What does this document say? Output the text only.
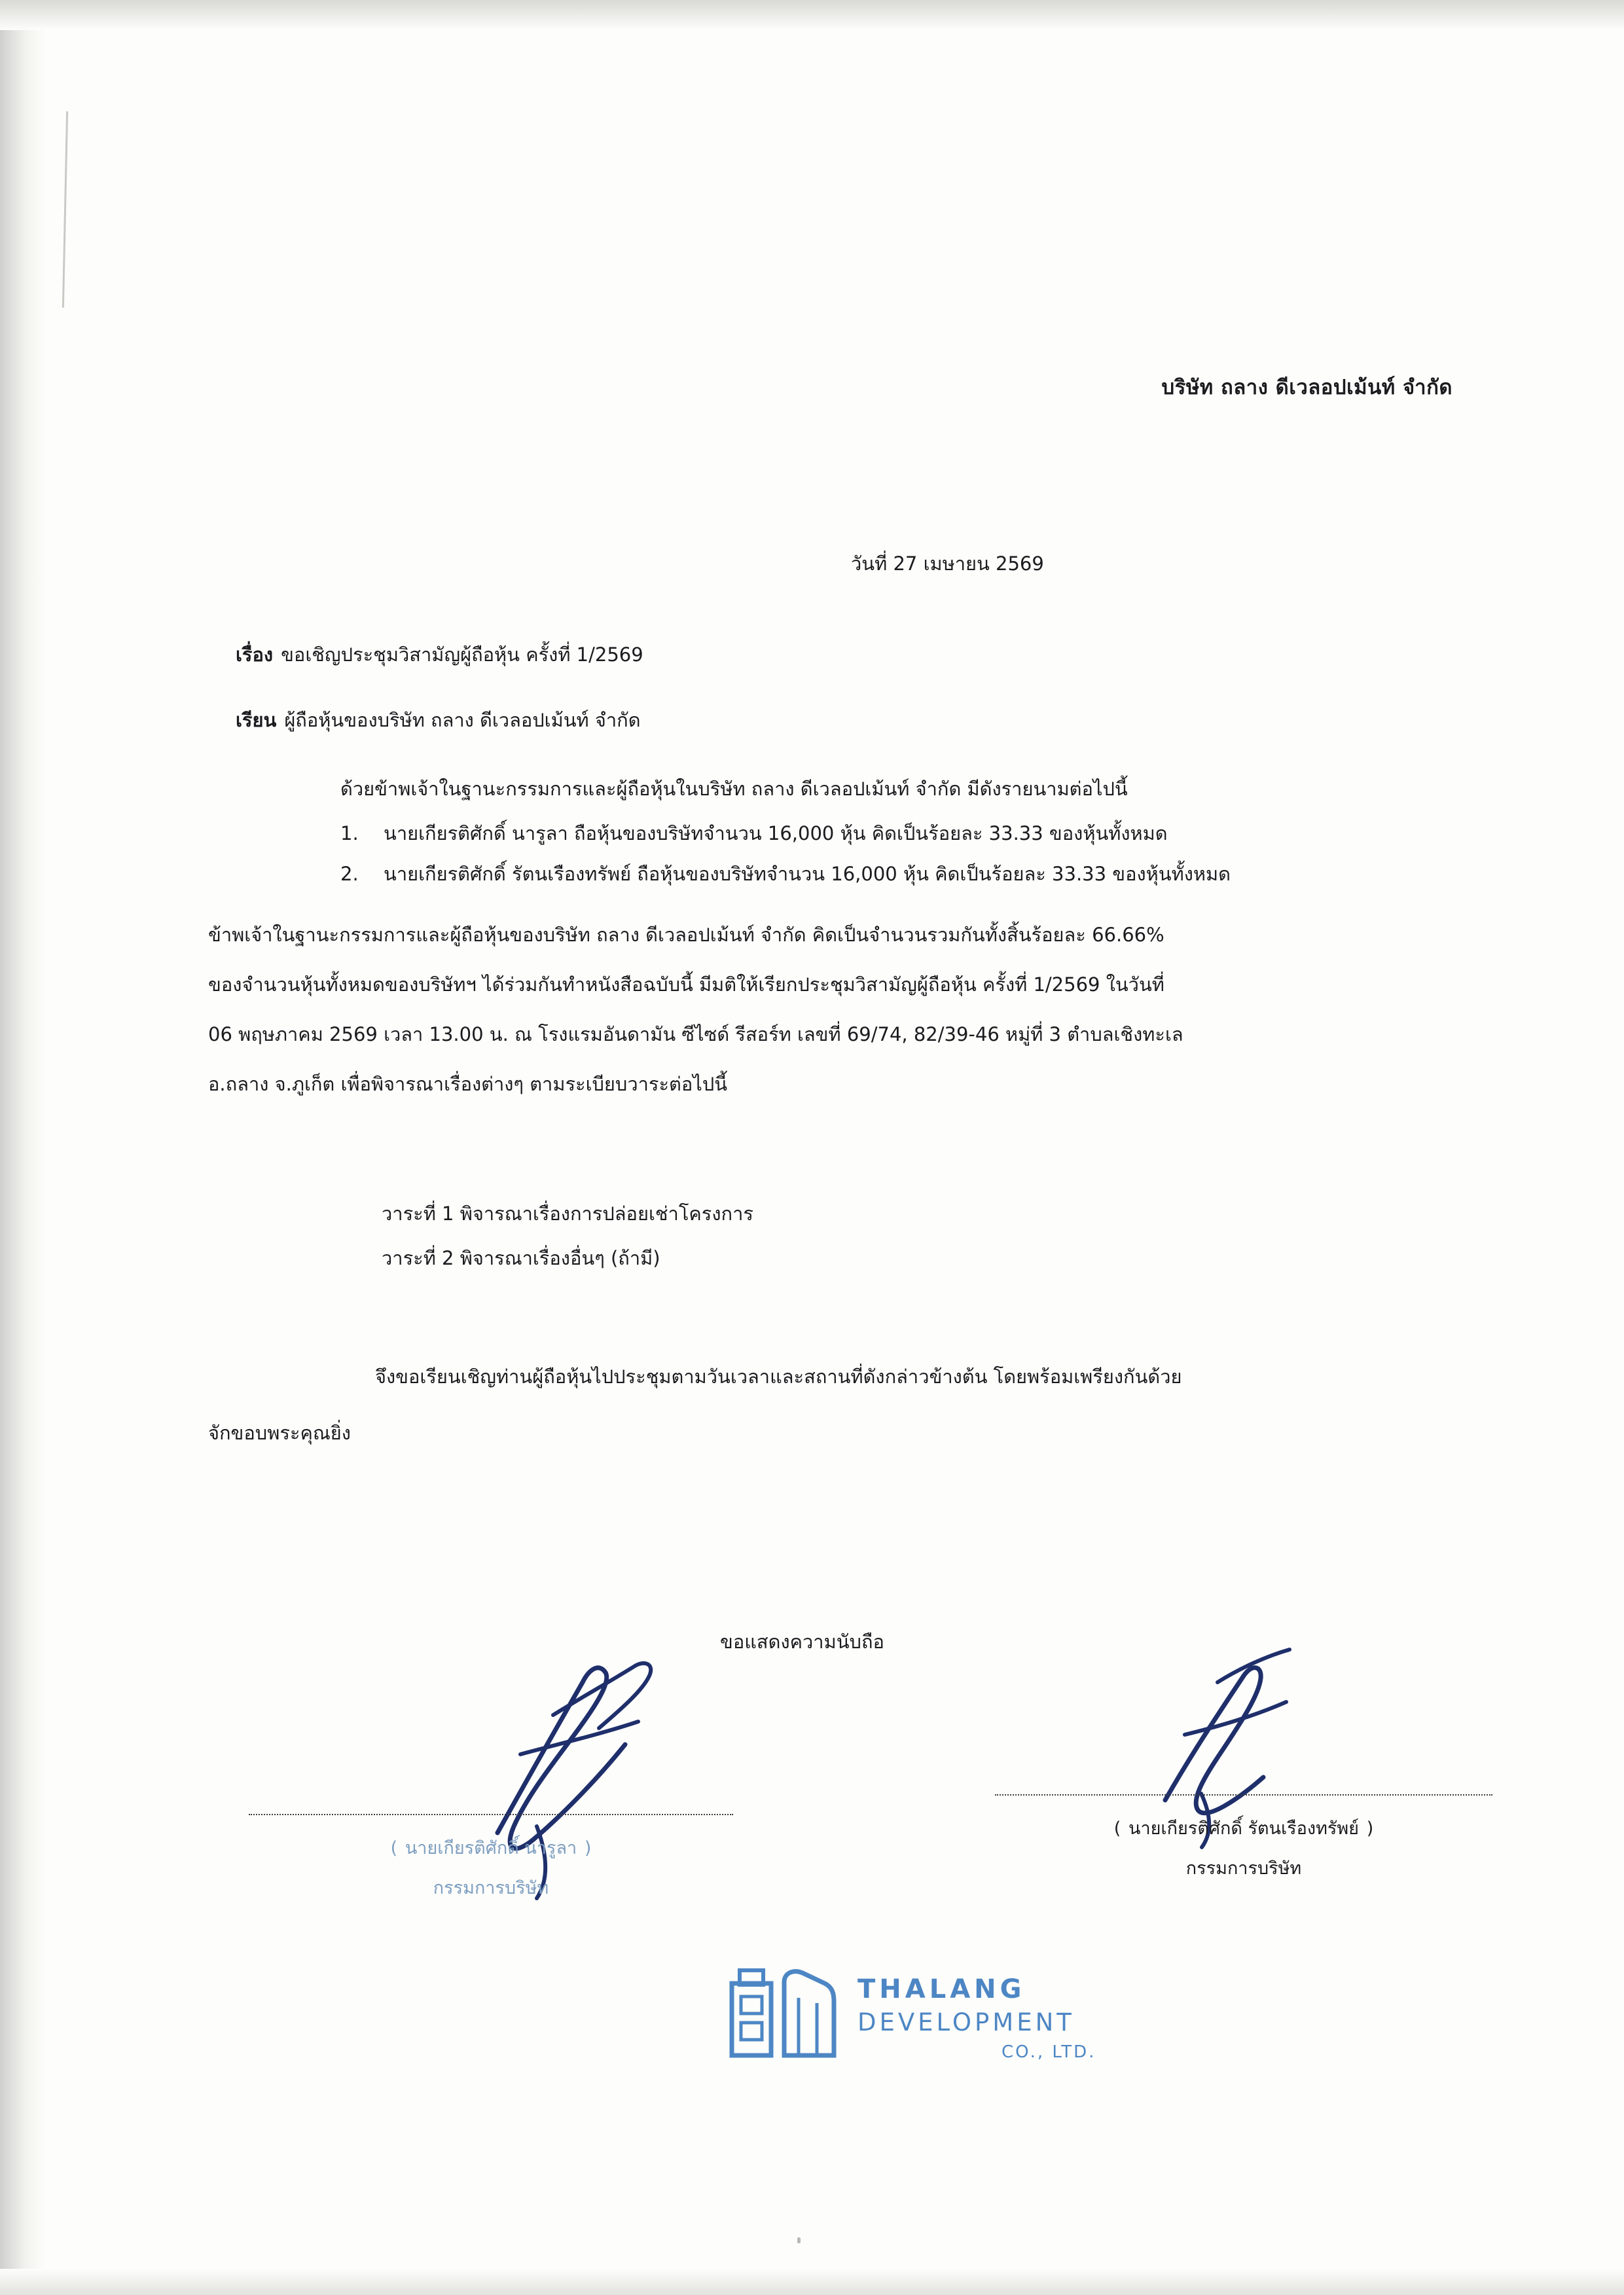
บริษัท ถลาง ดีเวลอปเม้นท์ จำกัด
วันที่ 27 เมษายน 2569
เรื่อง ขอเชิญประชุมวิสามัญผู้ถือหุ้น ครั้งที่ 1/2569
เรียน ผู้ถือหุ้นของบริษัท ถลาง ดีเวลอปเม้นท์ จำกัด
ด้วยข้าพเจ้าในฐานะกรรมการและผู้ถือหุ้นในบริษัท ถลาง ดีเวลอปเม้นท์ จำกัด มีดังรายนามต่อไปนี้
1. นายเกียรติศักดิ์ นารูลา ถือหุ้นของบริษัทจำนวน 16,000 หุ้น คิดเป็นร้อยละ 33.33 ของหุ้นทั้งหมด
2. นายเกียรติศักดิ์ รัตนเรืองทรัพย์ ถือหุ้นของบริษัทจำนวน 16,000 หุ้น คิดเป็นร้อยละ 33.33 ของหุ้นทั้งหมด
ข้าพเจ้าในฐานะกรรมการและผู้ถือหุ้นของบริษัท ถลาง ดีเวลอปเม้นท์ จำกัด คิดเป็นจำนวนรวมกันทั้งสิ้นร้อยละ 66.66%
ของจำนวนหุ้นทั้งหมดของบริษัทฯ ได้ร่วมกันทำหนังสือฉบับนี้ มีมติให้เรียกประชุมวิสามัญผู้ถือหุ้น ครั้งที่ 1/2569 ในวันที่
06 พฤษภาคม 2569 เวลา 13.00 น. ณ โรงแรมอันดามัน ซีไซด์ รีสอร์ท เลขที่ 69/74, 82/39-46 หมู่ที่ 3 ตำบลเชิงทะเล
อ.ถลาง จ.ภูเก็ต เพื่อพิจารณาเรื่องต่างๆ ตามระเบียบวาระต่อไปนี้
วาระที่ 1 พิจารณาเรื่องการปล่อยเช่าโครงการ
วาระที่ 2 พิจารณาเรื่องอื่นๆ (ถ้ามี)
จึงขอเรียนเชิญท่านผู้ถือหุ้นไปประชุมตามวันเวลาและสถานที่ดังกล่าวข้างต้น โดยพร้อมเพรียงกันด้วย
จักขอบพระคุณยิ่ง
ขอแสดงความนับถือ
( นายเกียรติศักดิ์ นารูลา )
กรรมการบริษัท
( นายเกียรติศักดิ์ รัตนเรืองทรัพย์ )
กรรมการบริษัท
THALANG
DEVELOPMENT
CO., LTD.
